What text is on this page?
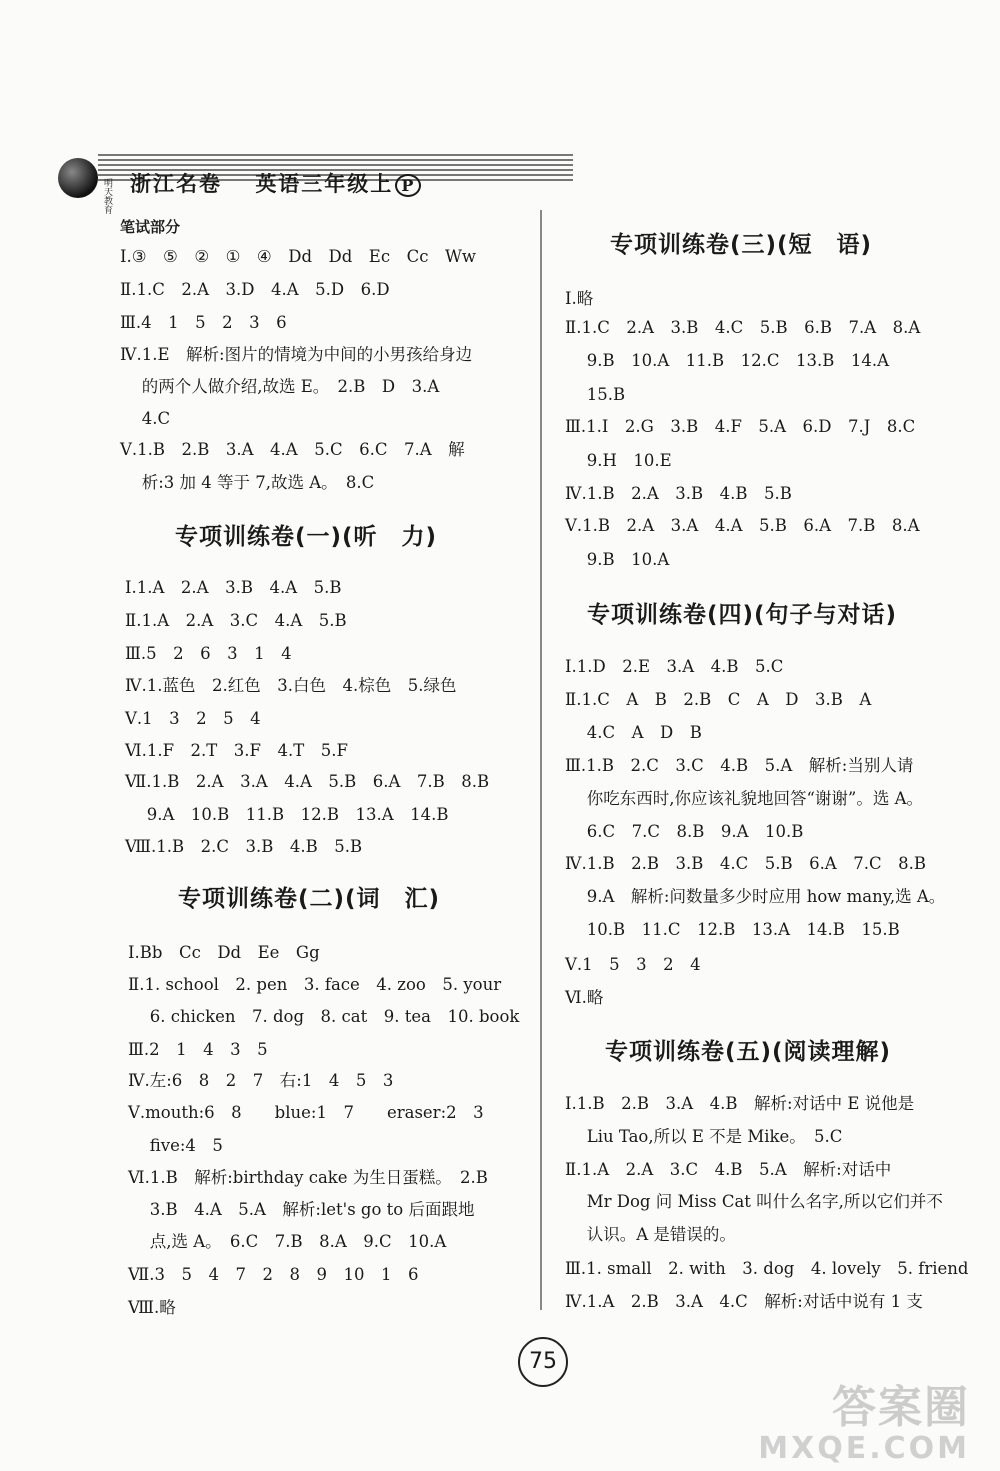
明天教育
浙江名卷 英语三年级上 P
笔试部分
Ⅰ.③　⑤　②　①　④　Dd　Dd　Ec　Cc　Ww
Ⅱ.1.C　2.A　3.D　4.A　5.D　6.D
Ⅲ.4　1　5　2　3　6
Ⅳ.1.E　解析:图片的情境为中间的小男孩给身边
　 的两个人做介绍,故选 E。　2.B　D　3.A
　 4.C
Ⅴ.1.B　2.B　3.A　4.A　5.C　6.C　7.A　解
　 析:3 加 4 等于 7,故选 A。　8.C
专项训练卷(一)(听　力)
Ⅰ.1.A　2.A　3.B　4.A　5.B
Ⅱ.1.A　2.A　3.C　4.A　5.B
Ⅲ.5　2　6　3　1　4
Ⅳ.1.蓝色　2.红色　3.白色　4.棕色　5.绿色
Ⅴ.1　3　2　5　4
Ⅵ.1.F　2.T　3.F　4.T　5.F
Ⅶ.1.B　2.A　3.A　4.A　5.B　6.A　7.B　8.B
　 9.A　10.B　11.B　12.B　13.A　14.B
Ⅷ.1.B　2.C　3.B　4.B　5.B
专项训练卷(二)(词　汇)
Ⅰ.Bb　Cc　Dd　Ee　Gg
Ⅱ.1. school　2. pen　3. face　4. zoo　5. your
　 6. chicken　7. dog　8. cat　9. tea　10. book
Ⅲ.2　1　4　3　5
Ⅳ.左:6　8　2　7　右:1　4　5　3
Ⅴ.mouth:6　8　　blue:1　7　　eraser:2　3
　 five:4　5
Ⅵ.1.B　解析:birthday cake 为生日蛋糕。　2.B
　 3.B　4.A　5.A　解析:let's go to 后面跟地
　 点,选 A。　6.C　7.B　8.A　9.C　10.A
Ⅶ.3　5　4　7　2　8　9　10　1　6
Ⅷ.略
专项训练卷(三)(短　语)
Ⅰ.略
Ⅱ.1.C　2.A　3.B　4.C　5.B　6.B　7.A　8.A
　 9.B　10.A　11.B　12.C　13.B　14.A
　 15.B
Ⅲ.1.I　2.G　3.B　4.F　5.A　6.D　7.J　8.C
　 9.H　10.E
Ⅳ.1.B　2.A　3.B　4.B　5.B
Ⅴ.1.B　2.A　3.A　4.A　5.B　6.A　7.B　8.A
　 9.B　10.A
专项训练卷(四)(句子与对话)
Ⅰ.1.D　2.E　3.A　4.B　5.C
Ⅱ.1.C　A　B　2.B　C　A　D　3.B　A
　 4.C　A　D　B
Ⅲ.1.B　2.C　3.C　4.B　5.A　解析:当别人请
　 你吃东西时,你应该礼貌地回答“谢谢”。选 A。
　 6.C　7.C　8.B　9.A　10.B
Ⅳ.1.B　2.B　3.B　4.C　5.B　6.A　7.C　8.B
　 9.A　解析:问数量多少时应用 how many,选 A。
　 10.B　11.C　12.B　13.A　14.B　15.B
Ⅴ.1　5　3　2　4
Ⅵ.略
专项训练卷(五)(阅读理解)
Ⅰ.1.B　2.B　3.A　4.B　解析:对话中 E 说他是
　 Liu Tao,所以 E 不是 Mike。　5.C
Ⅱ.1.A　2.A　3.C　4.B　5.A　解析:对话中
　 Mr Dog 问 Miss Cat 叫什么名字,所以它们并不
　 认识。A 是错误的。
Ⅲ.1. small　2. with　3. dog　4. lovely　5. friend
Ⅳ.1.A　2.B　3.A　4.C　解析:对话中说有 1 支
75
答案圈
MXQE.COM
